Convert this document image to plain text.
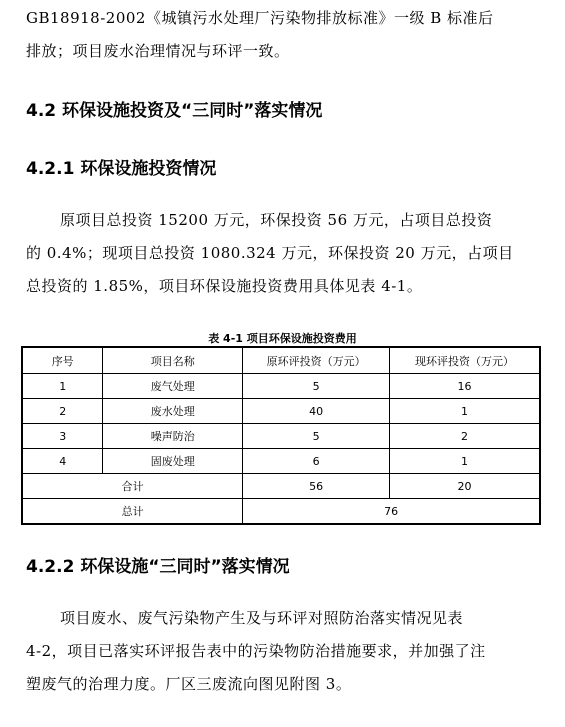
GB18918-2002《城镇污水处理厂污染物排放标准》一级 B 标准后
排放；项目废水治理情况与环评一致。

4.2 环保设施投资及“三同时”落实情况
4.2.1 环保设施投资情况

原项目总投资 15200 万元，环保投资 56 万元，占项目总投资
的 0.4%；现项目总投资 1080.324 万元，环保投资 20 万元，占项目
总投资的 1.85%，项目环保设施投资费用具体见表 4-1。

表 4-1 项目环保设施投资费用
序号	项目名称	原环评投资（万元）	现环评投资（万元）
1	废气处理	5	16
2	废水处理	40	1
3	噪声防治	5	2
4	固废处理	6	1
合计		56	20
总计		76	
4.2.2 环保设施“三同时”落实情况

项目废水、废气污染物产生及与环评对照防治落实情况见表
4-2，项目已落实环评报告表中的污染物防治措施要求，并加强了注
塑废气的治理力度。厂区三废流向图见附图 3。
